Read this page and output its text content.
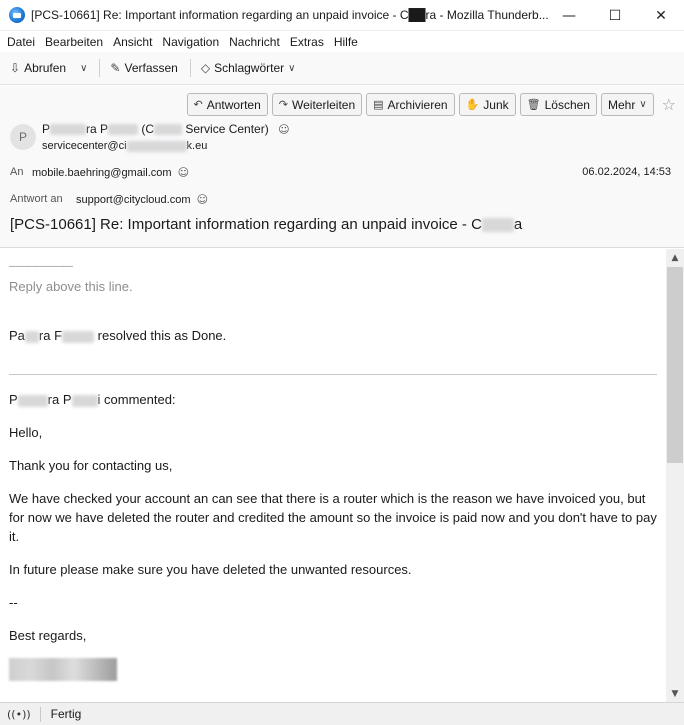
[PCS-10661] Re: Important information regarding an unpaid invoice - C██ra - Mozilla Thunderb... — ☐ ✕
Datei Bearbeiten Ansicht Navigation Nachricht Extras Hilfe
⇩ Abrufen ∨ ✎ Verfassen ◇ Schlagwörter ∨
↶ Antworten ↷ Weiterleiten ▤ Archivieren ✋ Junk 🗑 Löschen Mehr ∨ ☆
P
P	ra P	(C Service Center) ☺
servicecenter@ci	k.eu
An mobile.baehring@gmail.com ☺	06.02.2024, 14:53
Antwort an support@citycloud.com ☺
[PCS-10661] Re: Important information regarding an unpaid invoice - C a

———————

Reply above this line.

Pa ra F	resolved this as Done.

P ra P i commented:

Hello,

Thank you for contacting us,

We have checked your account an can see that there is a router which is the reason we have invoiced you, but for now we have deleted the router and credited the amount so the invoice is paid now and you don't have to pay it.

In future please make sure you have deleted the unwanted resources.

--

Best regards,

▲
▼
((•)) Fertig
